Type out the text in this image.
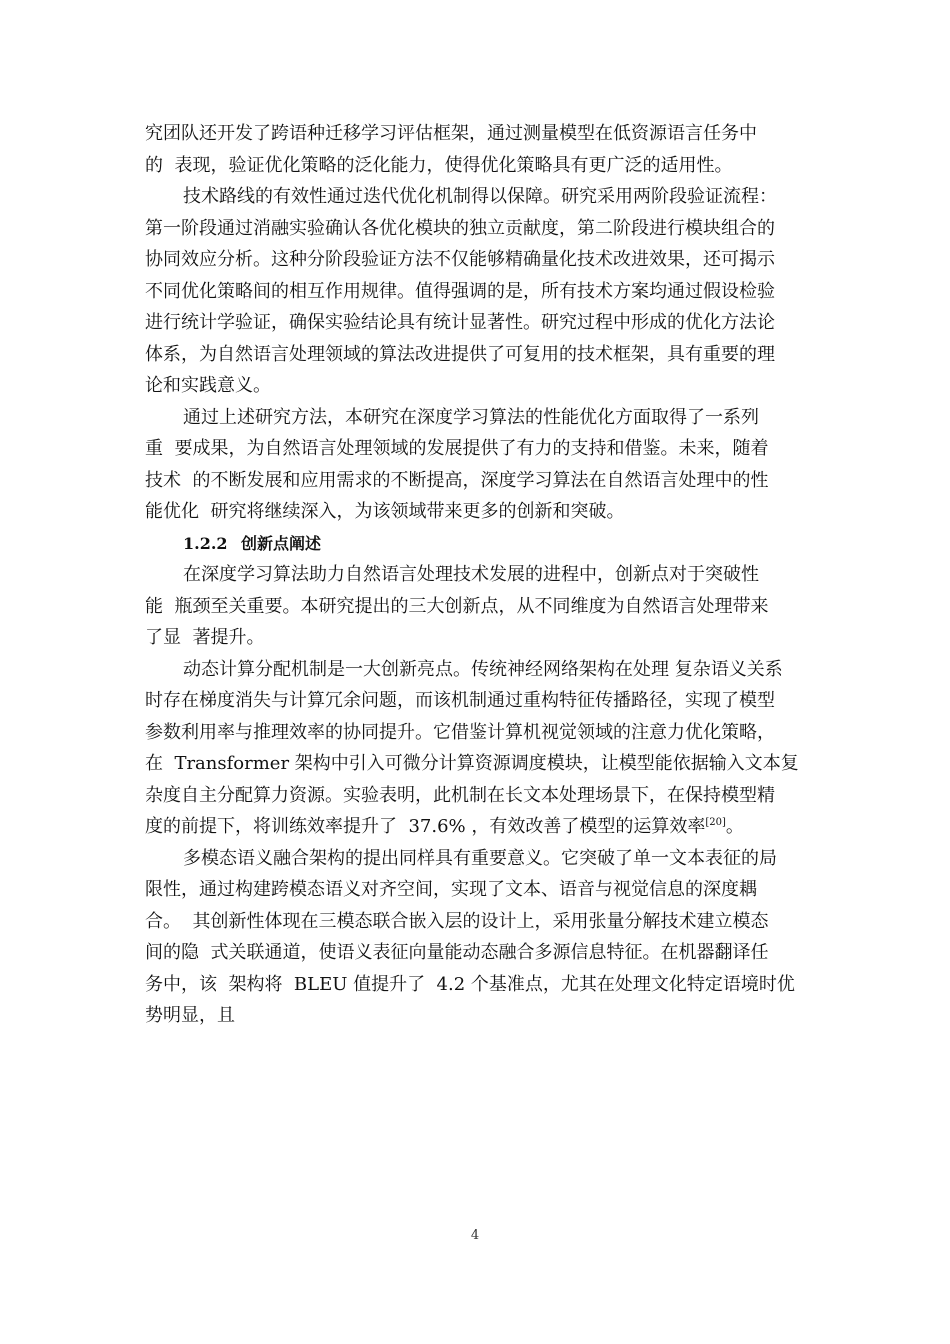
究团队还开发了跨语种迁移学习评估框架，通过测量模型在低资源语言任务中
的  表现，验证优化策略的泛化能力，使得优化策略具有更广泛的适用性。
技术路线的有效性通过迭代优化机制得以保障。研究采用两阶段验证流程：
第一阶段通过消融实验确认各优化模块的独立贡献度，第二阶段进行模块组合的
协同效应分析。这种分阶段验证方法不仅能够精确量化技术改进效果，还可揭示
不同优化策略间的相互作用规律。值得强调的是，所有技术方案均通过假设检验
进行统计学验证，确保实验结论具有统计显著性。研究过程中形成的优化方法论
体系，为自然语言处理领域的算法改进提供了可复用的技术框架，具有重要的理
论和实践意义。
通过上述研究方法，本研究在深度学习算法的性能优化方面取得了一系列
重  要成果，为自然语言处理领域的发展提供了有力的支持和借鉴。未来，随着
技术  的不断发展和应用需求的不断提高，深度学习算法在自然语言处理中的性
能优化  研究将继续深入，为该领域带来更多的创新和突破。
1.2.2 创新点阐述
在深度学习算法助力自然语言处理技术发展的进程中，创新点对于突破性
能  瓶颈至关重要。本研究提出的三大创新点，从不同维度为自然语言处理带来
了显  著提升。
动态计算分配机制是一大创新亮点。传统神经网络架构在处理 复杂语义关系
时存在梯度消失与计算冗余问题，而该机制通过重构特征传播路径，实现了模型
参数利用率与推理效率的协同提升。它借鉴计算机视觉领域的注意力优化策略，
在  Transformer 架构中引入可微分计算资源调度模块，让模型能依据输入文本复
杂度自主分配算力资源。实验表明，此机制在长文本处理场景下，在保持模型精
度的前提下，将训练效率提升了  37.6% ，有效改善了模型的运算效率[20]。
多模态语义融合架构的提出同样具有重要意义。它突破了单一文本表征的局
限性，通过构建跨模态语义对齐空间，实现了文本、语音与视觉信息的深度耦
合。  其创新性体现在三模态联合嵌入层的设计上，采用张量分解技术建立模态
间的隐  式关联通道，使语义表征向量能动态融合多源信息特征。在机器翻译任
务中，该  架构将  BLEU 值提升了  4.2 个基准点，尤其在处理文化特定语境时优
势明显，且
4
